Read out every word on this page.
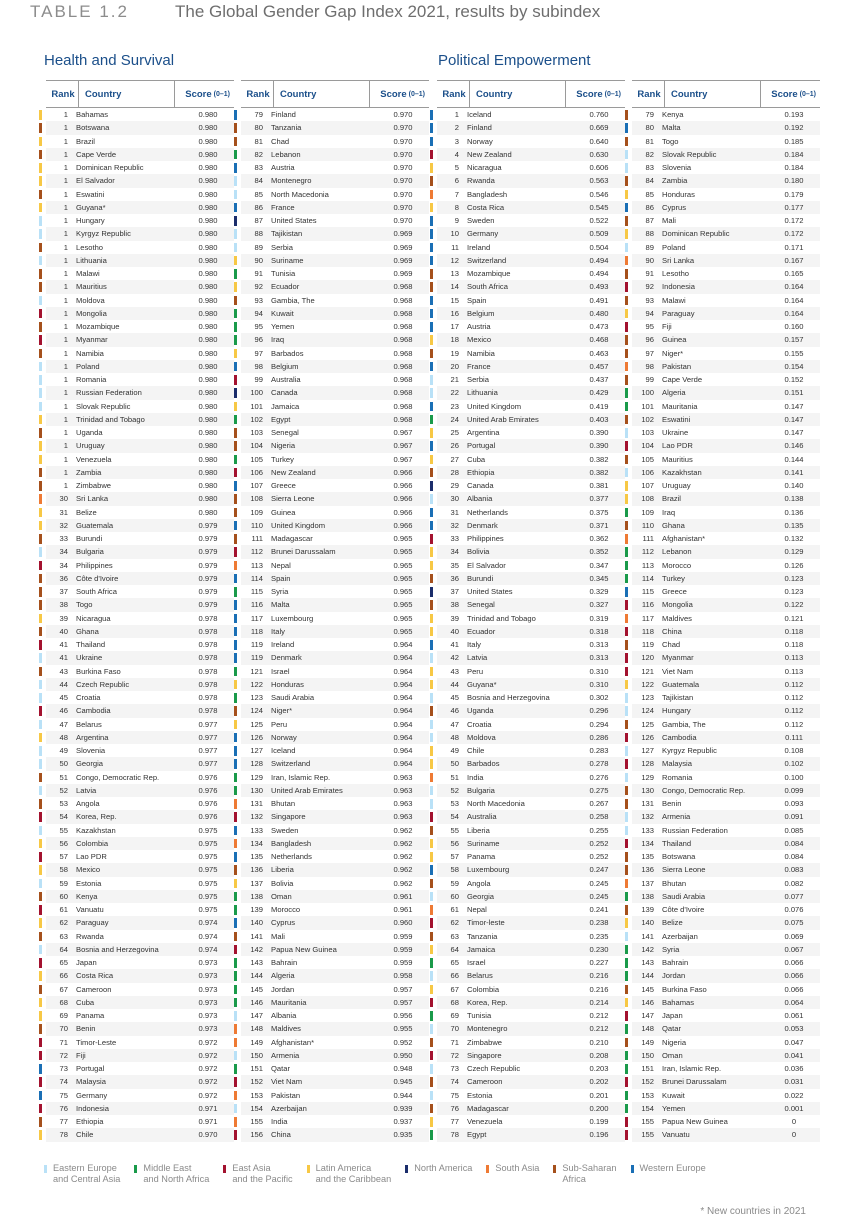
TABLE 1.2	The Global Gender Gap Index 2021, results by subindex
Health and Survival	Political Empowerment
Rank	Country	Score (0–1)
1	Bahamas	0.980
1	Botswana	0.980
1	Brazil	0.980
1	Cape Verde	0.980
1	Dominican Republic	0.980
1	El Salvador	0.980
1	Eswatini	0.980
1	Guyana*	0.980
1	Hungary	0.980
1	Kyrgyz Republic	0.980
1	Lesotho	0.980
1	Lithuania	0.980
1	Malawi	0.980
1	Mauritius	0.980
1	Moldova	0.980
1	Mongolia	0.980
1	Mozambique	0.980
1	Myanmar	0.980
1	Namibia	0.980
1	Poland	0.980
1	Romania	0.980
1	Russian Federation	0.980
1	Slovak Republic	0.980
1	Trinidad and Tobago	0.980
1	Uganda	0.980
1	Uruguay	0.980
1	Venezuela	0.980
1	Zambia	0.980
1	Zimbabwe	0.980
30	Sri Lanka	0.980
31	Belize	0.980
32	Guatemala	0.979
33	Burundi	0.979
34	Bulgaria	0.979
34	Philippines	0.979
36	Côte d'Ivoire	0.979
37	South Africa	0.979
38	Togo	0.979
39	Nicaragua	0.978
40	Ghana	0.978
41	Thailand	0.978
41	Ukraine	0.978
43	Burkina Faso	0.978
44	Czech Republic	0.978
45	Croatia	0.978
46	Cambodia	0.978
47	Belarus	0.977
48	Argentina	0.977
49	Slovenia	0.977
50	Georgia	0.977
51	Congo, Democratic Rep.	0.976
52	Latvia	0.976
53	Angola	0.976
54	Korea, Rep.	0.976
55	Kazakhstan	0.975
56	Colombia	0.975
57	Lao PDR	0.975
58	Mexico	0.975
59	Estonia	0.975
60	Kenya	0.975
61	Vanuatu	0.975
62	Paraguay	0.974
63	Rwanda	0.974
64	Bosnia and Herzegovina	0.974
65	Japan	0.973
66	Costa Rica	0.973
67	Cameroon	0.973
68	Cuba	0.973
69	Panama	0.973
70	Benin	0.973
71	Timor-Leste	0.972
72	Fiji	0.972
73	Portugal	0.972
74	Malaysia	0.972
75	Germany	0.972
76	Indonesia	0.971
77	Ethiopia	0.971
78	Chile	0.970
Rank	Country	Score (0–1)
79	Finland	0.970
80	Tanzania	0.970
81	Chad	0.970
82	Lebanon	0.970
83	Austria	0.970
84	Montenegro	0.970
85	North Macedonia	0.970
86	France	0.970
87	United States	0.970
88	Tajikistan	0.969
89	Serbia	0.969
90	Suriname	0.969
91	Tunisia	0.969
92	Ecuador	0.968
93	Gambia, The	0.968
94	Kuwait	0.968
95	Yemen	0.968
96	Iraq	0.968
97	Barbados	0.968
98	Belgium	0.968
99	Australia	0.968
100	Canada	0.968
101	Jamaica	0.968
102	Egypt	0.968
103	Senegal	0.967
104	Nigeria	0.967
105	Turkey	0.967
106	New Zealand	0.966
107	Greece	0.966
108	Sierra Leone	0.966
109	Guinea	0.966
110	United Kingdom	0.966
111	Madagascar	0.965
112	Brunei Darussalam	0.965
113	Nepal	0.965
114	Spain	0.965
115	Syria	0.965
116	Malta	0.965
117	Luxembourg	0.965
118	Italy	0.965
119	Ireland	0.964
119	Denmark	0.964
121	Israel	0.964
122	Honduras	0.964
123	Saudi Arabia	0.964
124	Niger*	0.964
125	Peru	0.964
126	Norway	0.964
127	Iceland	0.964
128	Switzerland	0.964
129	Iran, Islamic Rep.	0.963
130	United Arab Emirates	0.963
131	Bhutan	0.963
132	Singapore	0.963
133	Sweden	0.962
134	Bangladesh	0.962
135	Netherlands	0.962
136	Liberia	0.962
137	Bolivia	0.962
138	Oman	0.961
139	Morocco	0.961
140	Cyprus	0.960
141	Mali	0.959
142	Papua New Guinea	0.959
143	Bahrain	0.959
144	Algeria	0.958
145	Jordan	0.957
146	Mauritania	0.957
147	Albania	0.956
148	Maldives	0.955
149	Afghanistan*	0.952
150	Armenia	0.950
151	Qatar	0.948
152	Viet Nam	0.945
153	Pakistan	0.944
154	Azerbaijan	0.939
155	India	0.937
156	China	0.935
Rank	Country	Score (0–1)
1	Iceland	0.760
2	Finland	0.669
3	Norway	0.640
4	New Zealand	0.630
5	Nicaragua	0.606
6	Rwanda	0.563
7	Bangladesh	0.546
8	Costa Rica	0.545
9	Sweden	0.522
10	Germany	0.509
11	Ireland	0.504
12	Switzerland	0.494
13	Mozambique	0.494
14	South Africa	0.493
15	Spain	0.491
16	Belgium	0.480
17	Austria	0.473
18	Mexico	0.468
19	Namibia	0.463
20	France	0.457
21	Serbia	0.437
22	Lithuania	0.429
23	United Kingdom	0.419
24	United Arab Emirates	0.403
25	Argentina	0.390
26	Portugal	0.390
27	Cuba	0.382
28	Ethiopia	0.382
29	Canada	0.381
30	Albania	0.377
31	Netherlands	0.375
32	Denmark	0.371
33	Philippines	0.362
34	Bolivia	0.352
35	El Salvador	0.347
36	Burundi	0.345
37	United States	0.329
38	Senegal	0.327
39	Trinidad and Tobago	0.319
40	Ecuador	0.318
41	Italy	0.313
42	Latvia	0.313
43	Peru	0.310
44	Guyana*	0.310
45	Bosnia and Herzegovina	0.302
46	Uganda	0.296
47	Croatia	0.294
48	Moldova	0.286
49	Chile	0.283
50	Barbados	0.278
51	India	0.276
52	Bulgaria	0.275
53	North Macedonia	0.267
54	Australia	0.258
55	Liberia	0.255
56	Suriname	0.252
57	Panama	0.252
58	Luxembourg	0.247
59	Angola	0.245
60	Georgia	0.245
61	Nepal	0.241
62	Timor-leste	0.238
63	Tanzania	0.235
64	Jamaica	0.230
65	Israel	0.227
66	Belarus	0.216
67	Colombia	0.216
68	Korea, Rep.	0.214
69	Tunisia	0.212
70	Montenegro	0.212
71	Zimbabwe	0.210
72	Singapore	0.208
73	Czech Republic	0.203
74	Cameroon	0.202
75	Estonia	0.201
76	Madagascar	0.200
77	Venezuela	0.199
78	Egypt	0.196
Rank	Country	Score (0–1)
79	Kenya	0.193
80	Malta	0.192
81	Togo	0.185
82	Slovak Republic	0.184
83	Slovenia	0.184
84	Zambia	0.180
85	Honduras	0.179
86	Cyprus	0.177
87	Mali	0.172
88	Dominican Republic	0.172
89	Poland	0.171
90	Sri Lanka	0.167
91	Lesotho	0.165
92	Indonesia	0.164
93	Malawi	0.164
94	Paraguay	0.164
95	Fiji	0.160
96	Guinea	0.157
97	Niger*	0.155
98	Pakistan	0.154
99	Cape Verde	0.152
100	Algeria	0.151
101	Mauritania	0.147
102	Eswatini	0.147
103	Ukraine	0.147
104	Lao PDR	0.146
105	Mauritius	0.144
106	Kazakhstan	0.141
107	Uruguay	0.140
108	Brazil	0.138
109	Iraq	0.136
110	Ghana	0.135
111	Afghanistan*	0.132
112	Lebanon	0.129
113	Morocco	0.126
114	Turkey	0.123
115	Greece	0.123
116	Mongolia	0.122
117	Maldives	0.121
118	China	0.118
119	Chad	0.118
120	Myanmar	0.113
121	Viet Nam	0.113
122	Guatemala	0.112
123	Tajikistan	0.112
124	Hungary	0.112
125	Gambia, The	0.112
126	Cambodia	0.111
127	Kyrgyz Republic	0.108
128	Malaysia	0.102
129	Romania	0.100
130	Congo, Democratic Rep.	0.099
131	Benin	0.093
132	Armenia	0.091
133	Russian Federation	0.085
134	Thailand	0.084
135	Botswana	0.084
136	Sierra Leone	0.083
137	Bhutan	0.082
138	Saudi Arabia	0.077
139	Côte d'Ivoire	0.076
140	Belize	0.075
141	Azerbaijan	0.069
142	Syria	0.067
143	Bahrain	0.066
144	Jordan	0.066
145	Burkina Faso	0.066
146	Bahamas	0.064
147	Japan	0.061
148	Qatar	0.053
149	Nigeria	0.047
150	Oman	0.041
151	Iran, Islamic Rep.	0.036
152	Brunei Darussalam	0.031
153	Kuwait	0.022
154	Yemen	0.001
155	Papua New Guinea	0
155	Vanuatu	0
Eastern Europe
and Central Asia
Middle East
and North Africa
East Asia
and the Pacific
Latin America
and the Caribbean
North America	South Asia	Sub-Saharan
Africa
Western Europe

* New countries in 2021
